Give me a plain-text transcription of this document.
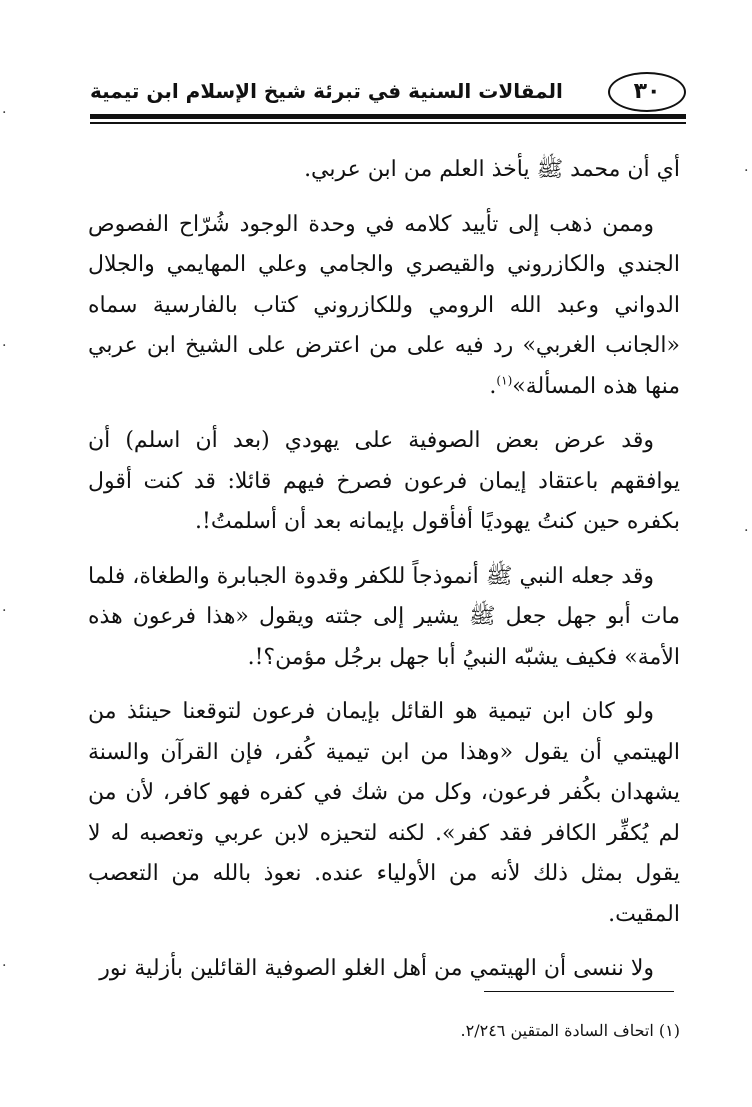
٣٠
المقالات السنية في تبرئة شيخ الإسلام ابن تيمية

أي أن محمد ﷺ يأخذ العلم من ابن عربي.

وممن ذهب إلى تأييد كلامه في وحدة الوجود شُرّاح الفصوص الجندي والكازروني والقيصري والجامي وعلي المهايمي والجلال الدواني وعبد الله الرومي وللكازروني كتاب بالفارسية سماه «الجانب الغربي» رد فيه على من اعترض على الشيخ ابن عربي منها هذه المسألة»$^{(١)}$.

وقد عرض بعض الصوفية على يهودي (بعد أن اسلم) أن يوافقهم باعتقاد إيمان فرعون فصرخ فيهم قائلا: قد كنت أقول بكفره حين كنتُ يهوديًا أفأقول بإيمانه بعد أن أسلمتُ!.

وقد جعله النبي ﷺ أنموذجاً للكفر وقدوة الجبابرة والطغاة، فلما مات أبو جهل جعل ﷺ يشير إلى جثته ويقول «هذا فرعون هذه الأمة» فكيف يشبّه النبيُ أبا جهل برجُل مؤمن؟!.

ولو كان ابن تيمية هو القائل بإيمان فرعون لتوقعنا حينئذ من الهيتمي أن يقول «وهذا من ابن تيمية كُفر، فإن القرآن والسنة يشهدان بكُفر فرعون، وكل من شك في كفره فهو كافر، لأن من لم يُكفِّر الكافر فقد كفر». لكنه لتحيزه لابن عربي وتعصبه له لا يقول بمثل ذلك لأنه من الأولياء عنده. نعوذ بالله من التعصب المقيت.

ولا ننسى أن الهيتمي من أهل الغلو الصوفية القائلين بأزلية نور

(١) اتحاف السادة المتقين ٢/٢٤٦.
.
.
.
.
.
.
